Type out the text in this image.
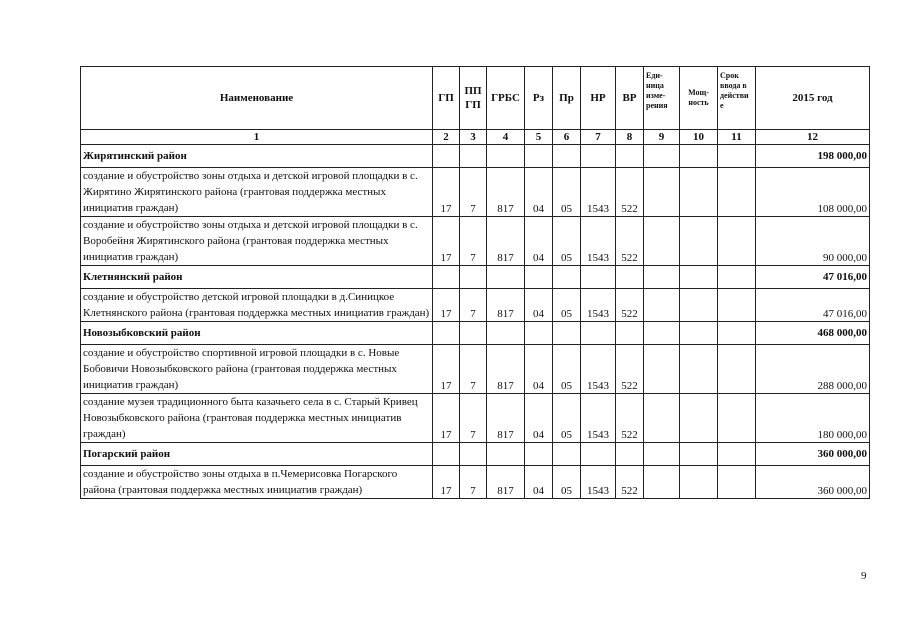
Наименование	ГП	ПП ГП	ГРБС	Рз	Пр	НР	ВР	Еди- ница изме- рения	Мощ- ность	Срок ввода в действи е	2015 год
1	2	3	4	5	6	7	8	9	10	11	12
Жирятинский район											198 000,00
создание и обустройство зоны отдыха и детской игровой площадки в с. Жирятино Жирятинского района (грантовая поддержка местных инициатив граждан)	17	7	817	04	05	1543	522				108 000,00
создание и обустройство зоны отдыха и детской игровой площадки в с. Воробейня Жирятинского района (грантовая поддержка местных инициатив граждан)	17	7	817	04	05	1543	522				90 000,00
Клетнянский район											47 016,00
создание и обустройство детской игровой площадки в д.Синицкое Клетнянского района (грантовая поддержка местных инициатив граждан)	17	7	817	04	05	1543	522				47 016,00
Новозыбковский район											468 000,00
создание и обустройство спортивной игровой площадки в с. Новые Бобовичи Новозыбковского района (грантовая поддержка местных инициатив граждан)	17	7	817	04	05	1543	522				288 000,00
создание музея традиционного быта казачьего села в с. Старый Кривец Новозыбковского района (грантовая поддержка местных инициатив граждан)	17	7	817	04	05	1543	522				180 000,00
Погарский район											360 000,00
создание и обустройство зоны отдыха в п.Чемерисовка Погарского района (грантовая поддержка местных инициатив граждан)	17	7	817	04	05	1543	522				360 000,00
9
